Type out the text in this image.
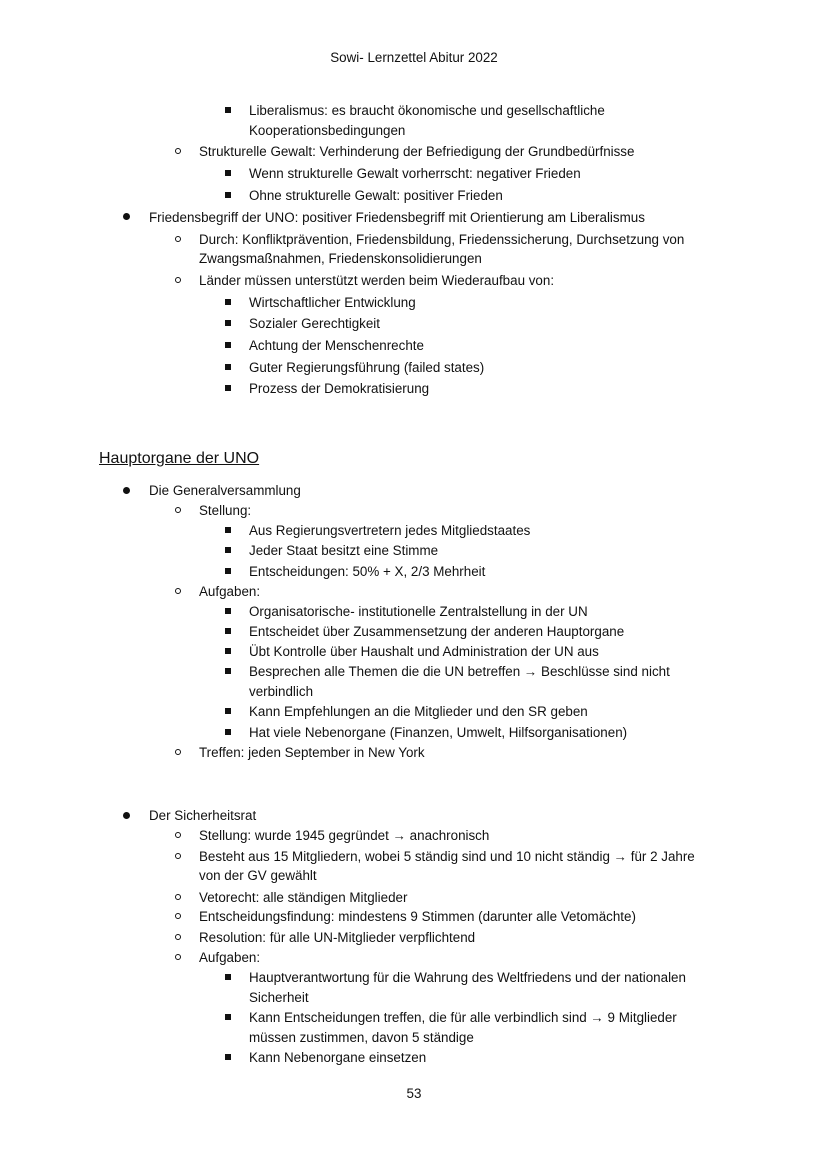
Sowi- Lernzettel Abitur 2022
Liberalismus: es braucht ökonomische und gesellschaftliche
Kooperationsbedingungen
Strukturelle Gewalt: Verhinderung der Befriedigung der Grundbedürfnisse
Wenn strukturelle Gewalt vorherrscht: negativer Frieden
Ohne strukturelle Gewalt: positiver Frieden
Friedensbegriff der UNO: positiver Friedensbegriff mit Orientierung am Liberalismus
Durch: Konfliktprävention, Friedensbildung, Friedenssicherung, Durchsetzung von
Zwangsmaßnahmen, Friedenskonsolidierungen
Länder müssen unterstützt werden beim Wiederaufbau von:
Wirtschaftlicher Entwicklung
Sozialer Gerechtigkeit
Achtung der Menschenrechte
Guter Regierungsführung (failed states)
Prozess der Demokratisierung
Hauptorgane der UNO
Die Generalversammlung
Stellung:
Aus Regierungsvertretern jedes Mitgliedstaates
Jeder Staat besitzt eine Stimme
Entscheidungen: 50% + X, 2/3 Mehrheit
Aufgaben:
Organisatorische- institutionelle Zentralstellung in der UN
Entscheidet über Zusammensetzung der anderen Hauptorgane
Übt Kontrolle über Haushalt und Administration der UN aus
Besprechen alle Themen die die UN betreffen → Beschlüsse sind nicht
verbindlich
Kann Empfehlungen an die Mitglieder und den SR geben
Hat viele Nebenorgane (Finanzen, Umwelt, Hilfsorganisationen)
Treffen: jeden September in New York
Der Sicherheitsrat
Stellung: wurde 1945 gegründet → anachronisch
Besteht aus 15 Mitgliedern, wobei 5 ständig sind und 10 nicht ständig → für 2 Jahre
von der GV gewählt
Vetorecht: alle ständigen Mitglieder
Entscheidungsfindung: mindestens 9 Stimmen (darunter alle Vetomächte)
Resolution: für alle UN-Mitglieder verpflichtend
Aufgaben:
Hauptverantwortung für die Wahrung des Weltfriedens und der nationalen
Sicherheit
Kann Entscheidungen treffen, die für alle verbindlich sind → 9 Mitglieder
müssen zustimmen, davon 5 ständige
Kann Nebenorgane einsetzen
53
